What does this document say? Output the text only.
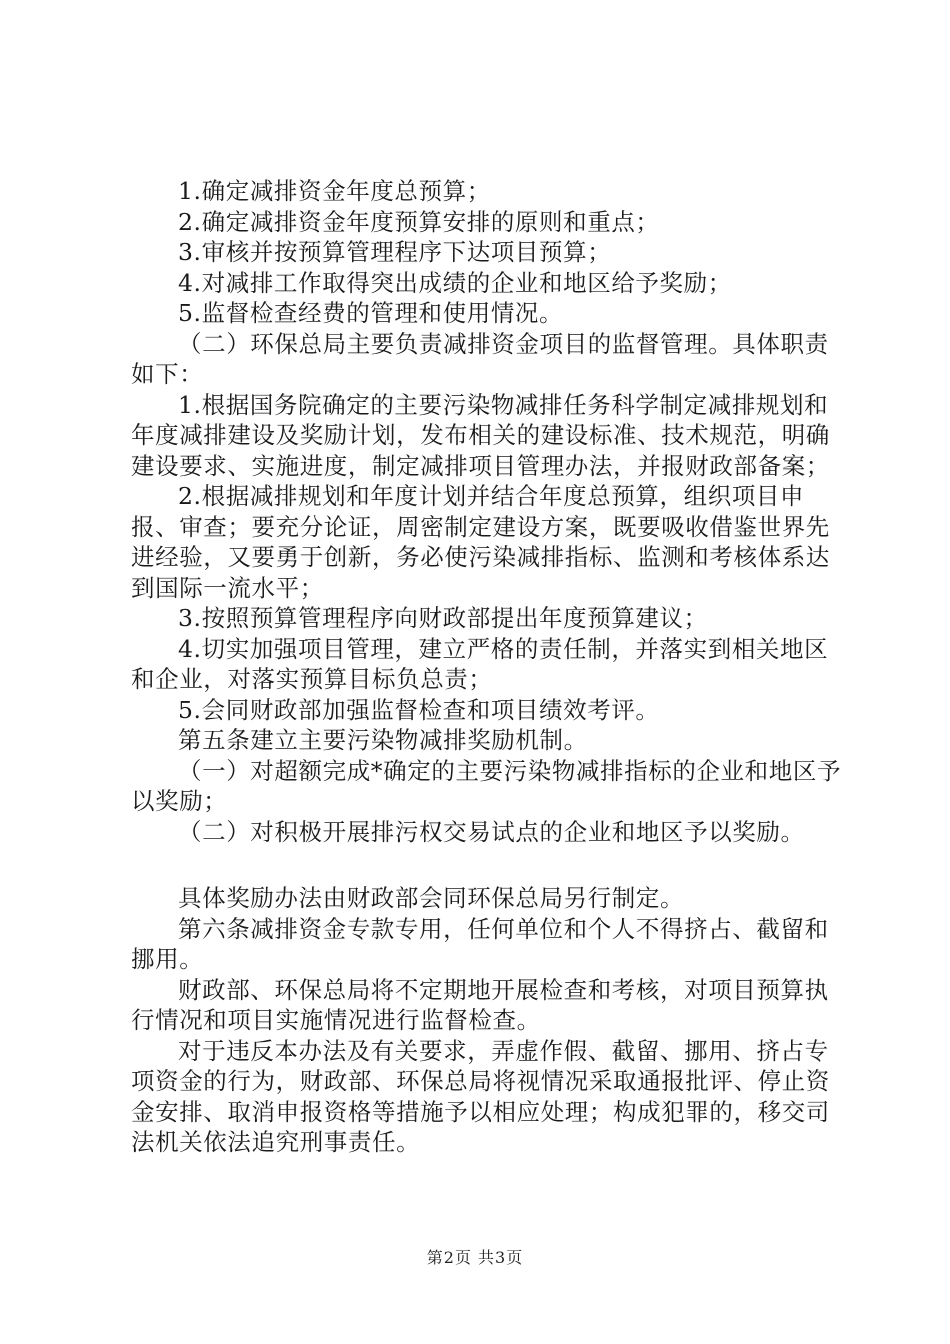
1.确定减排资金年度总预算；

2.确定减排资金年度预算安排的原则和重点；

3.审核并按预算管理程序下达项目预算；

4.对减排工作取得突出成绩的企业和地区给予奖励；

5.监督检查经费的管理和使用情况。

（二）环保总局主要负责减排资金项目的监督管理。具体职责如下：

1.根据国务院确定的主要污染物减排任务科学制定减排规划和年度减排建设及奖励计划，发布相关的建设标准、技术规范，明确建设要求、实施进度，制定减排项目管理办法，并报财政部备案；

2.根据减排规划和年度计划并结合年度总预算，组织项目申报、审查；要充分论证，周密制定建设方案，既要吸收借鉴世界先进经验，又要勇于创新，务必使污染减排指标、监测和考核体系达到国际一流水平；

3.按照预算管理程序向财政部提出年度预算建议；

4.切实加强项目管理，建立严格的责任制，并落实到相关地区和企业，对落实预算目标负总责；

5.会同财政部加强监督检查和项目绩效考评。

第五条建立主要污染物减排奖励机制。

（一）对超额完成*确定的主要污染物减排指标的企业和地区予以奖励；

（二）对积极开展排污权交易试点的企业和地区予以奖励。

具体奖励办法由财政部会同环保总局另行制定。

第六条减排资金专款专用，任何单位和个人不得挤占、截留和挪用。

财政部、环保总局将不定期地开展检查和考核，对项目预算执行情况和项目实施情况进行监督检查。

对于违反本办法及有关要求，弄虚作假、截留、挪用、挤占专项资金的行为，财政部、环保总局将视情况采取通报批评、停止资金安排、取消申报资格等措施予以相应处理；构成犯罪的，移交司法机关依法追究刑事责任。

第2页 共3页
